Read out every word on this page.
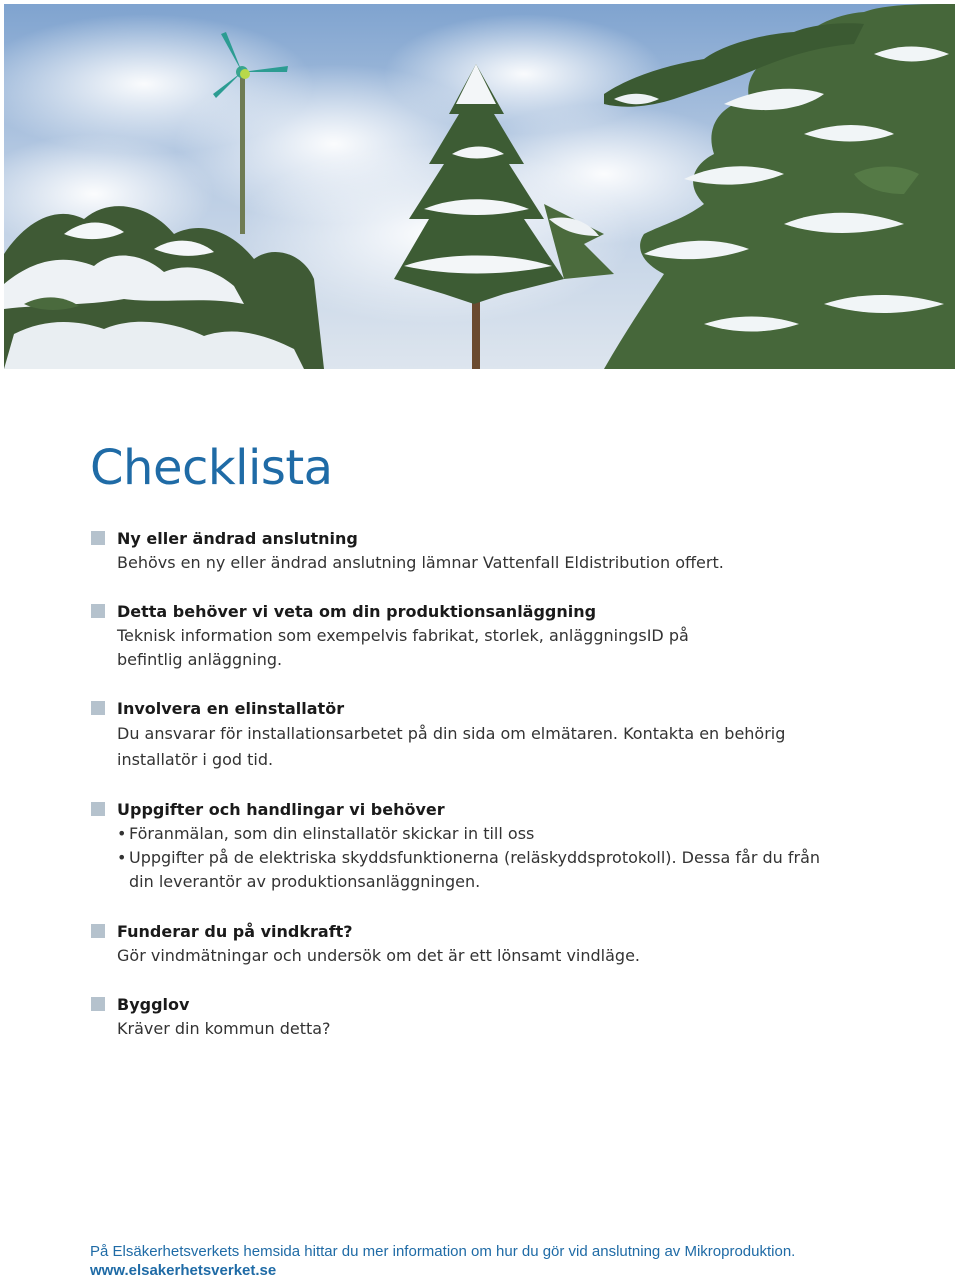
Checklista
Ny eller ändrad anslutning
Behövs en ny eller ändrad anslutning lämnar Vattenfall Eldistribution offert.
Detta behöver vi veta om din produktionsanläggning
Teknisk information som exempelvis fabrikat, storlek, anläggningsID på befintlig anläggning.
Involvera en elinstallatör
Du ansvarar för installationsarbetet på din sida om elmätaren. Kontakta en behörig installatör i god tid.
Uppgifter och handlingar vi behöver
• Föranmälan, som din elinstallatör skickar in till oss
• Uppgifter på de elektriska skyddsfunktionerna (reläskyddsprotokoll). Dessa får du från din leverantör av produktionsanläggningen.
Funderar du på vindkraft?
Gör vindmätningar och undersök om det är ett lönsamt vindläge.
Bygglov
Kräver din kommun detta?
På Elsäkerhetsverkets hemsida hittar du mer information om hur du gör vid anslutning av Mikroproduktion.
www.elsakerhetsverket.se
